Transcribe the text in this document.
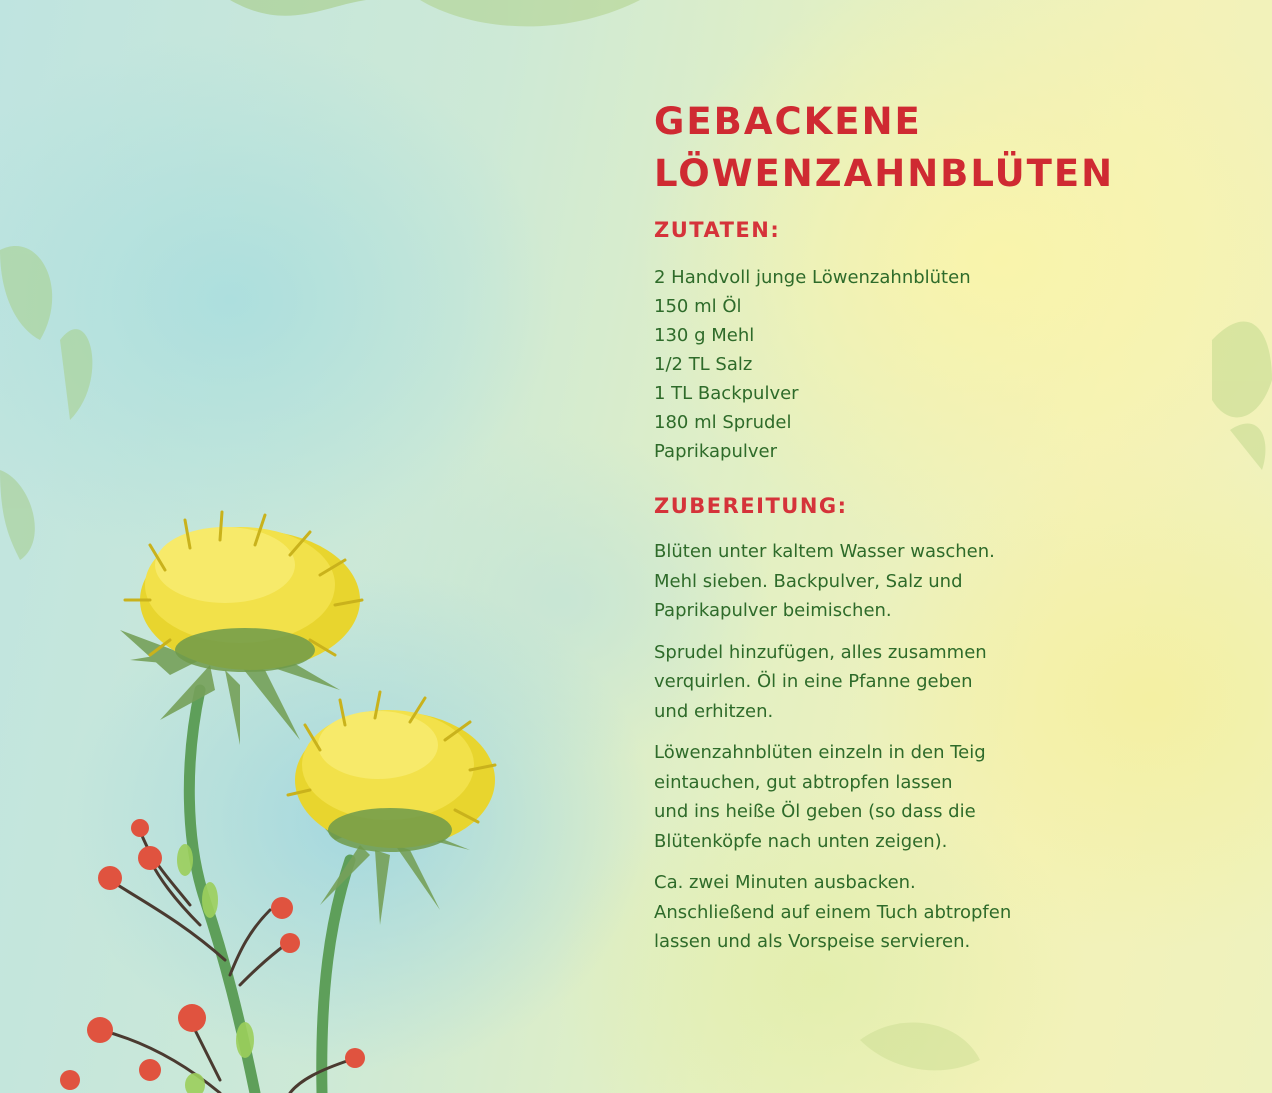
GEBACKENE
LÖWENZAHNBLÜTEN
ZUTATEN:
2 Handvoll junge Löwenzahnblüten
150 ml Öl
130 g Mehl
1/2 TL Salz
1 TL Backpulver
180 ml Sprudel
Paprikapulver
ZUBEREITUNG:

Blüten unter kaltem Wasser waschen.
Mehl sieben. Backpulver, Salz und
Paprikapulver beimischen.

Sprudel hinzufügen, alles zusammen
verquirlen. Öl in eine Pfanne geben
und erhitzen.

Löwenzahnblüten einzeln in den Teig
eintauchen, gut abtropfen lassen
und ins heiße Öl geben (so dass die
Blütenköpfe nach unten zeigen).

Ca. zwei Minuten ausbacken.
Anschließend auf einem Tuch abtropfen
lassen und als Vorspeise servieren.
